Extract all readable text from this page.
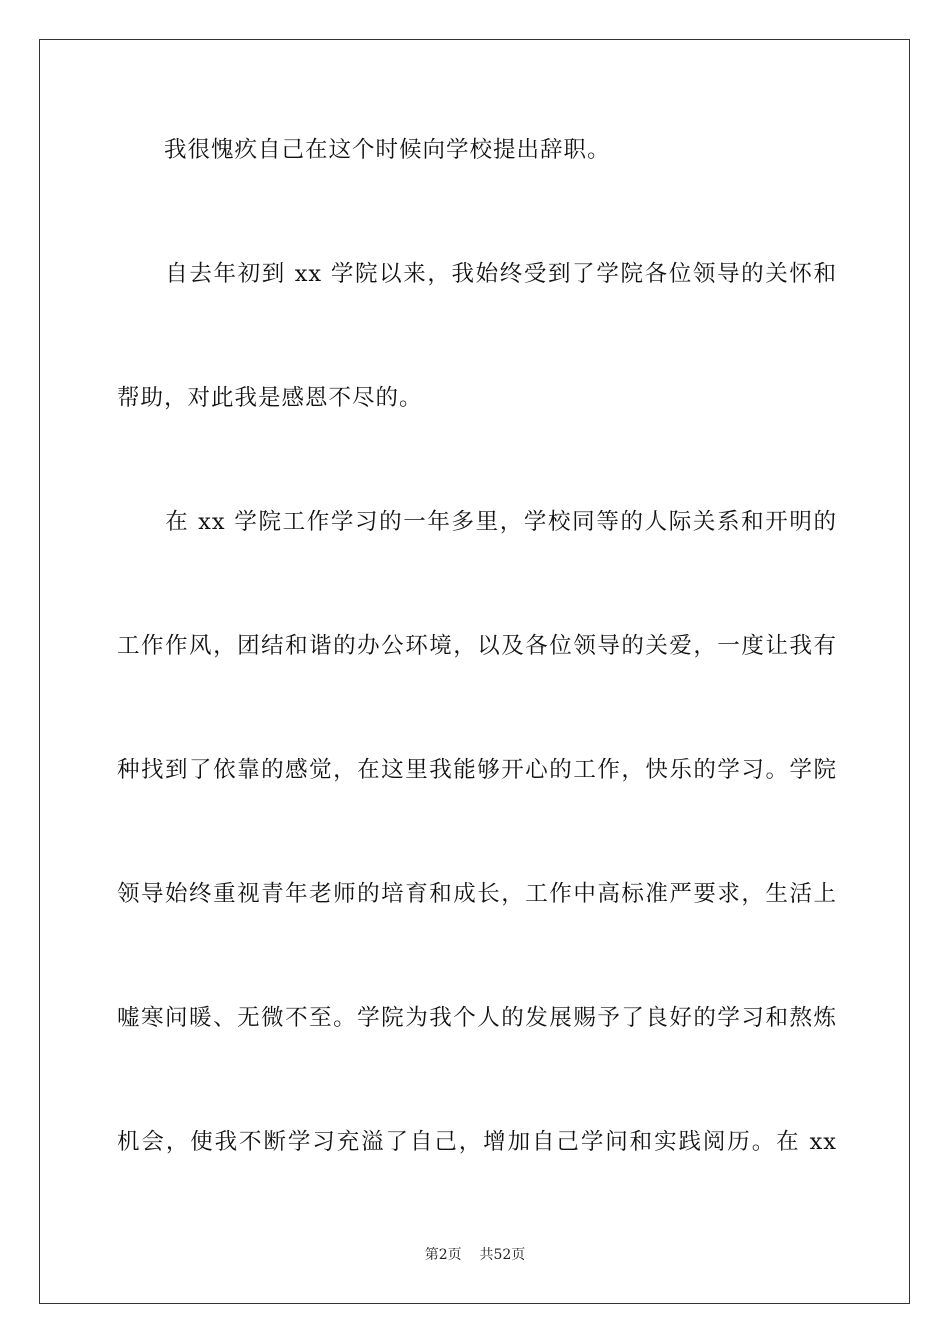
　　我很愧疚自己在这个时候向学校提出辞职。
　　自去年初到 xx 学院以来，我始终受到了学院各位领导的关怀和
帮助，对此我是感恩不尽的。
　　在 xx 学院工作学习的一年多里，学校同等的人际关系和开明的
工作作风，团结和谐的办公环境，以及各位领导的关爱，一度让我有
种找到了依靠的感觉，在这里我能够开心的工作，快乐的学习。学院
领导始终重视青年老师的培育和成长，工作中高标准严要求，生活上
嘘寒问暖、无微不至。学院为我个人的发展赐予了良好的学习和熬炼
机会，使我不断学习充溢了自己，增加自己学问和实践阅历。在 xx
第2页 共52页
